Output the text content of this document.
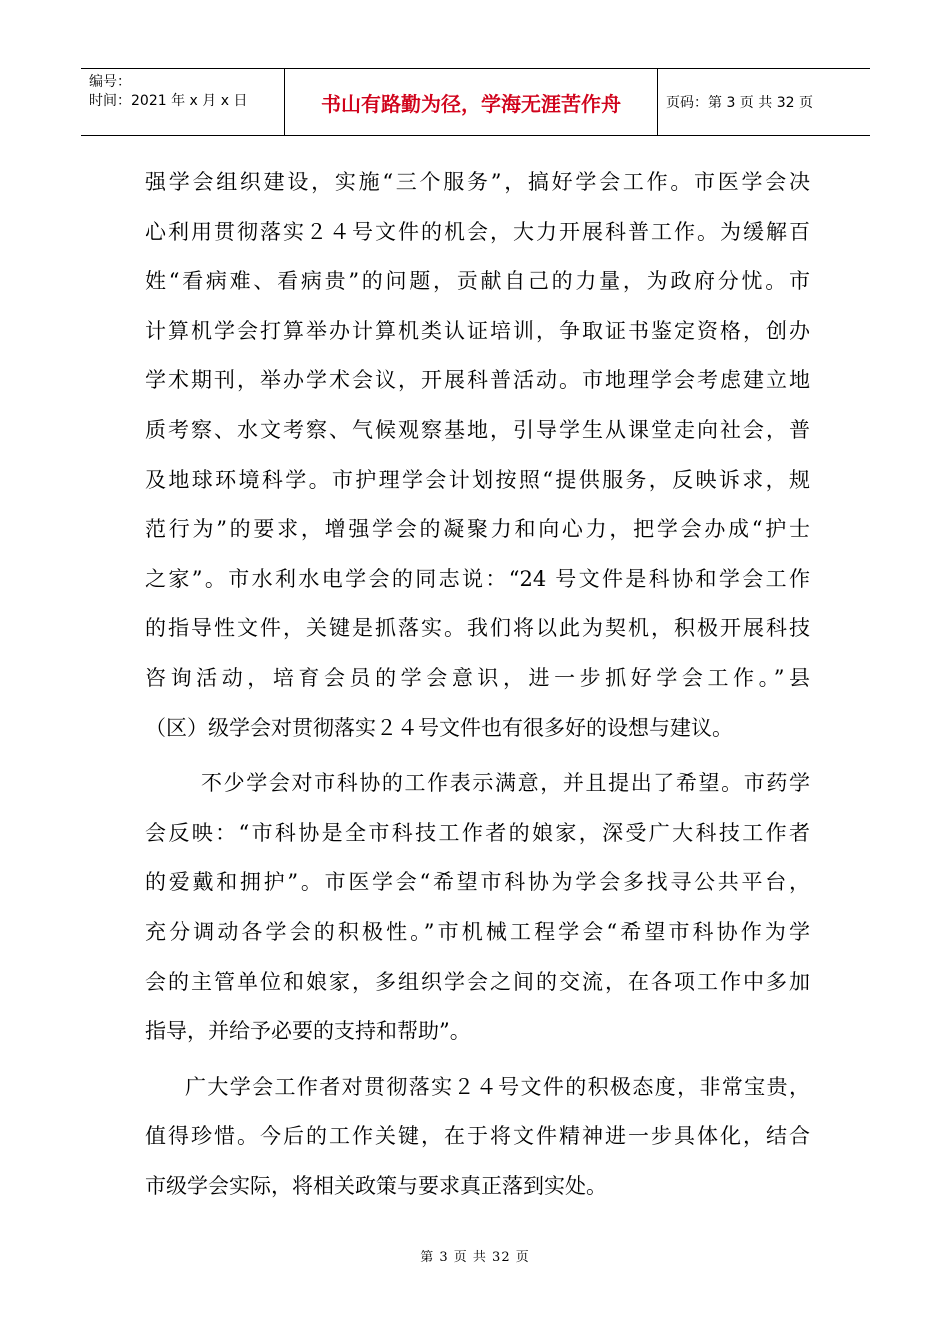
编号：
时间：2021 年 x 月 x 日	书山有路勤为径，学海无涯苦作舟	页码：第 3 页 共 32 页
强学会组织建设，实施“三个服务”，搞好学会工作。市医学会决
心利用贯彻落实２４号文件的机会，大力开展科普工作。为缓解百
姓“看病难、看病贵”的问题，贡献自己的力量，为政府分忧。市
计算机学会打算举办计算机类认证培训，争取证书鉴定资格，创办
学术期刊，举办学术会议，开展科普活动。市地理学会考虑建立地
质考察、水文考察、气候观察基地，引导学生从课堂走向社会，普
及地球环境科学。市护理学会计划按照“提供服务，反映诉求，规
范行为”的要求，增强学会的凝聚力和向心力，把学会办成“护士
之家”。市水利水电学会的同志说：“24 号文件是科协和学会工作
的指导性文件，关键是抓落实。我们将以此为契机，积极开展科技
咨询活动，培育会员的学会意识，进一步抓好学会工作。”县
（区）级学会对贯彻落实２４号文件也有很多好的设想与建议。
不少学会对市科协的工作表示满意，并且提出了希望。市药学
会反映：“市科协是全市科技工作者的娘家，深受广大科技工作者
的爱戴和拥护”。市医学会“希望市科协为学会多找寻公共平台，
充分调动各学会的积极性。”市机械工程学会“希望市科协作为学
会的主管单位和娘家，多组织学会之间的交流，在各项工作中多加
指导，并给予必要的支持和帮助”。
广大学会工作者对贯彻落实２４号文件的积极态度，非常宝贵，
值得珍惜。今后的工作关键，在于将文件精神进一步具体化，结合
市级学会实际，将相关政策与要求真正落到实处。
第 3 页 共 32 页
